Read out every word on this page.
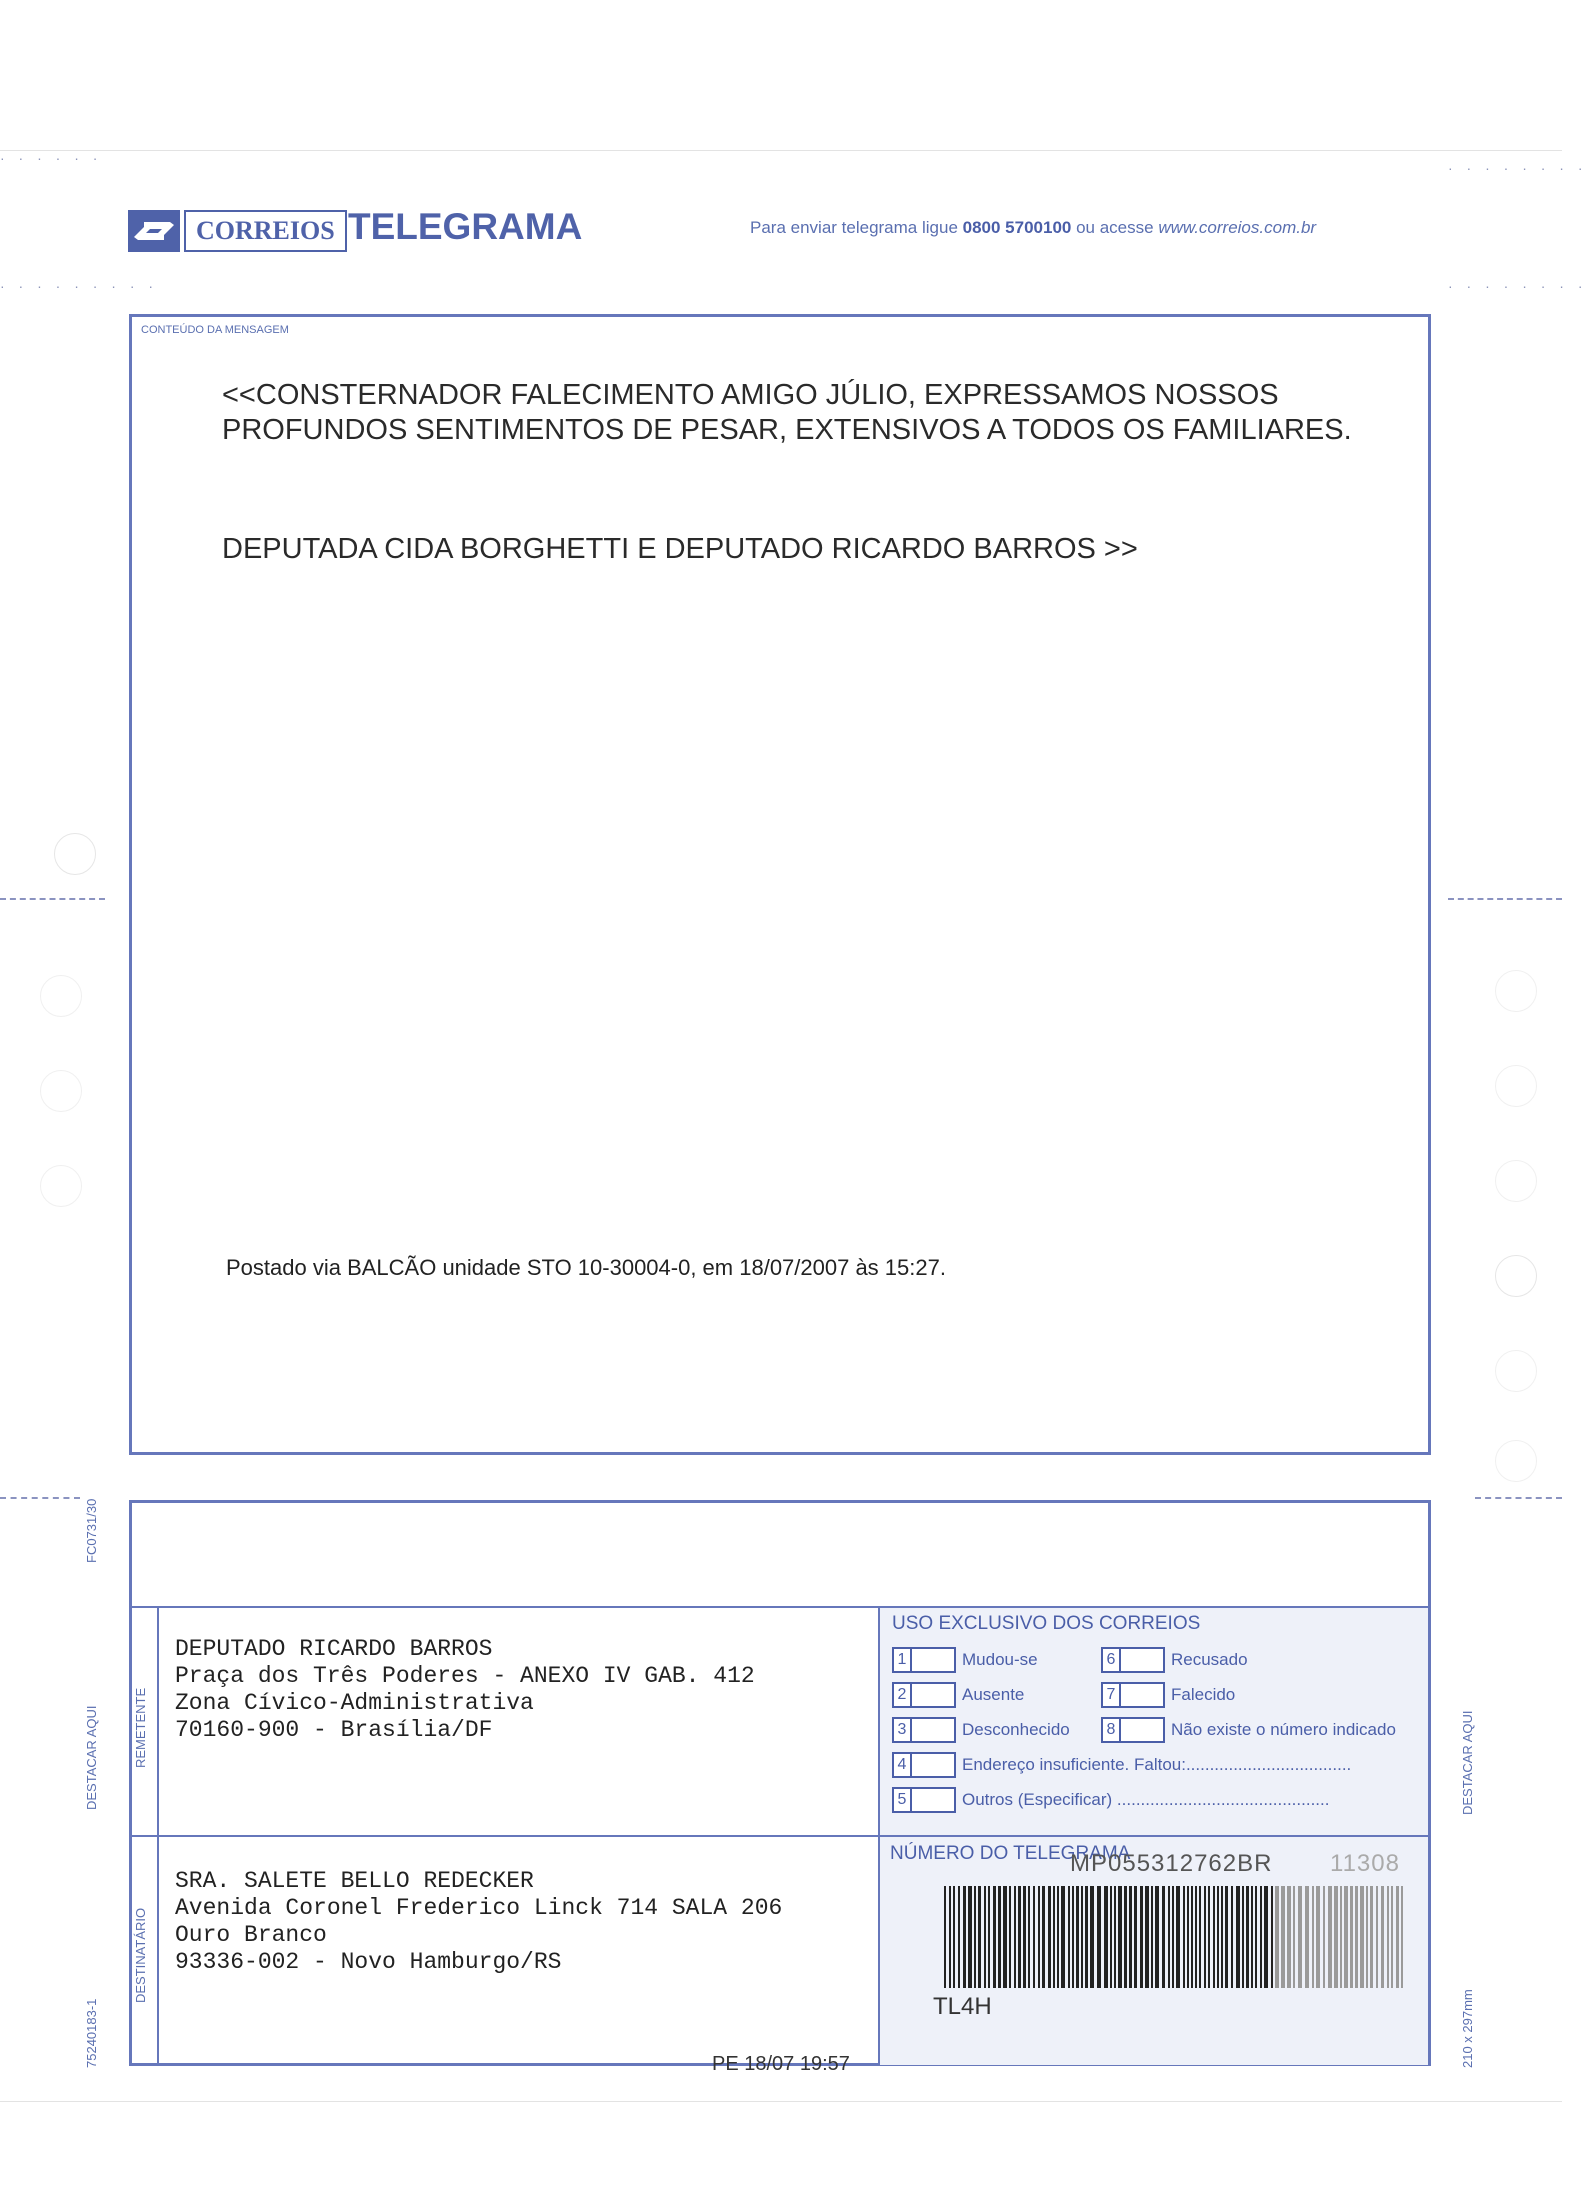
· · · · · ·
· · · · · · · · ·
· · · · · · · ·
· · · · · · · ·
CORREIOS TELEGRAMA	Para enviar telegrama ligue 0800 5700100 ou acesse www.correios.com.br
CONTEÚDO DA MENSAGEM
<<CONSTERNADOR FALECIMENTO AMIGO JÚLIO, EXPRESSAMOS NOSSOS PROFUNDOS SENTIMENTOS DE PESAR, EXTENSIVOS A TODOS OS FAMILIARES.
DEPUTADA CIDA BORGHETTI E DEPUTADO RICARDO BARROS >>
Postado via BALCÃO unidade STO 10-30004-0, em 18/07/2007 às 15:27.
FC0731/30
DESTACAR AQUI
75240183-1
DESTACAR AQUI
210 x 297mm
REMETENTE
DESTINATÁRIO
DEPUTADO RICARDO BARROS
Praça dos Três Poderes - ANEXO IV GAB. 412
Zona Cívico-Administrativa
70160-900 - Brasília/DF
SRA. SALETE BELLO REDECKER
Avenida Coronel Frederico Linck 714 SALA 206
Ouro Branco
93336-002 - Novo Hamburgo/RS
USO EXCLUSIVO DOS CORREIOS
1	Mudou-se
2	Ausente
3	Desconhecido
4	Endereço insuficiente. Faltou:...................................
5	Outros (Especificar) .............................................
6	Recusado
7	Falecido
8	Não existe o número indicado
NÚMERO DO TELEGRAMA
MP055312762BR 11308
TL4H
PE 18/07 19:57
